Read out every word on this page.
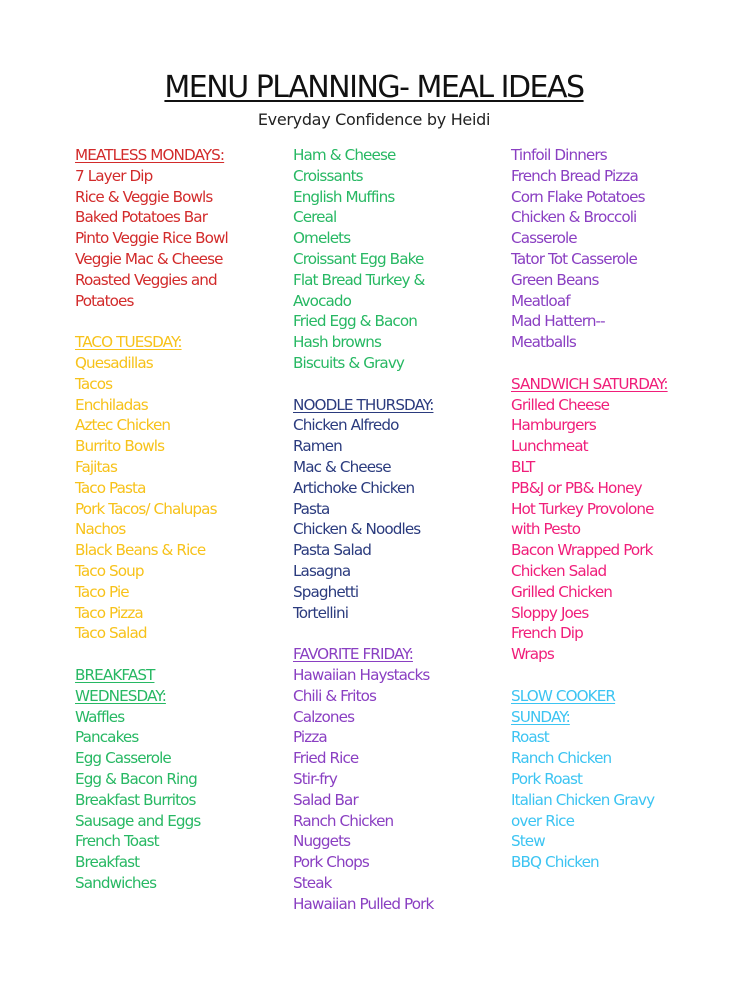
MENU PLANNING- MEAL IDEAS
Everyday Confidence by Heidi
MEATLESS MONDAYS:
7 Layer Dip
Rice & Veggie Bowls
Baked Potatoes Bar
Pinto Veggie Rice Bowl
Veggie Mac & Cheese
Roasted Veggies and
Potatoes
TACO TUESDAY:
Quesadillas
Tacos
Enchiladas
Aztec Chicken
Burrito Bowls
Fajitas
Taco Pasta
Pork Tacos/ Chalupas
Nachos
Black Beans & Rice
Taco Soup
Taco Pie
Taco Pizza
Taco Salad
BREAKFAST
WEDNESDAY:
Waffles
Pancakes
Egg Casserole
Egg & Bacon Ring
Breakfast Burritos
Sausage and Eggs
French Toast
Breakfast
Sandwiches
Ham & Cheese
Croissants
English Muffins
Cereal
Omelets
Croissant Egg Bake
Flat Bread Turkey &
Avocado
Fried Egg & Bacon
Hash browns
Biscuits & Gravy
NOODLE THURSDAY:
Chicken Alfredo
Ramen
Mac & Cheese
Artichoke Chicken
Pasta
Chicken & Noodles
Pasta Salad
Lasagna
Spaghetti
Tortellini
FAVORITE FRIDAY:
Hawaiian Haystacks
Chili & Fritos
Calzones
Pizza
Fried Rice
Stir-fry
Salad Bar
Ranch Chicken
Nuggets
Pork Chops
Steak
Hawaiian Pulled Pork
Tinfoil Dinners
French Bread Pizza
Corn Flake Potatoes
Chicken & Broccoli
Casserole
Tator Tot Casserole
Green Beans
Meatloaf
Mad Hattern--
Meatballs
SANDWICH SATURDAY:
Grilled Cheese
Hamburgers
Lunchmeat
BLT
PB&J or PB& Honey
Hot Turkey Provolone
with Pesto
Bacon Wrapped Pork
Chicken Salad
Grilled Chicken
Sloppy Joes
French Dip
Wraps
SLOW COOKER
SUNDAY:
Roast
Ranch Chicken
Pork Roast
Italian Chicken Gravy
over Rice
Stew
BBQ Chicken
